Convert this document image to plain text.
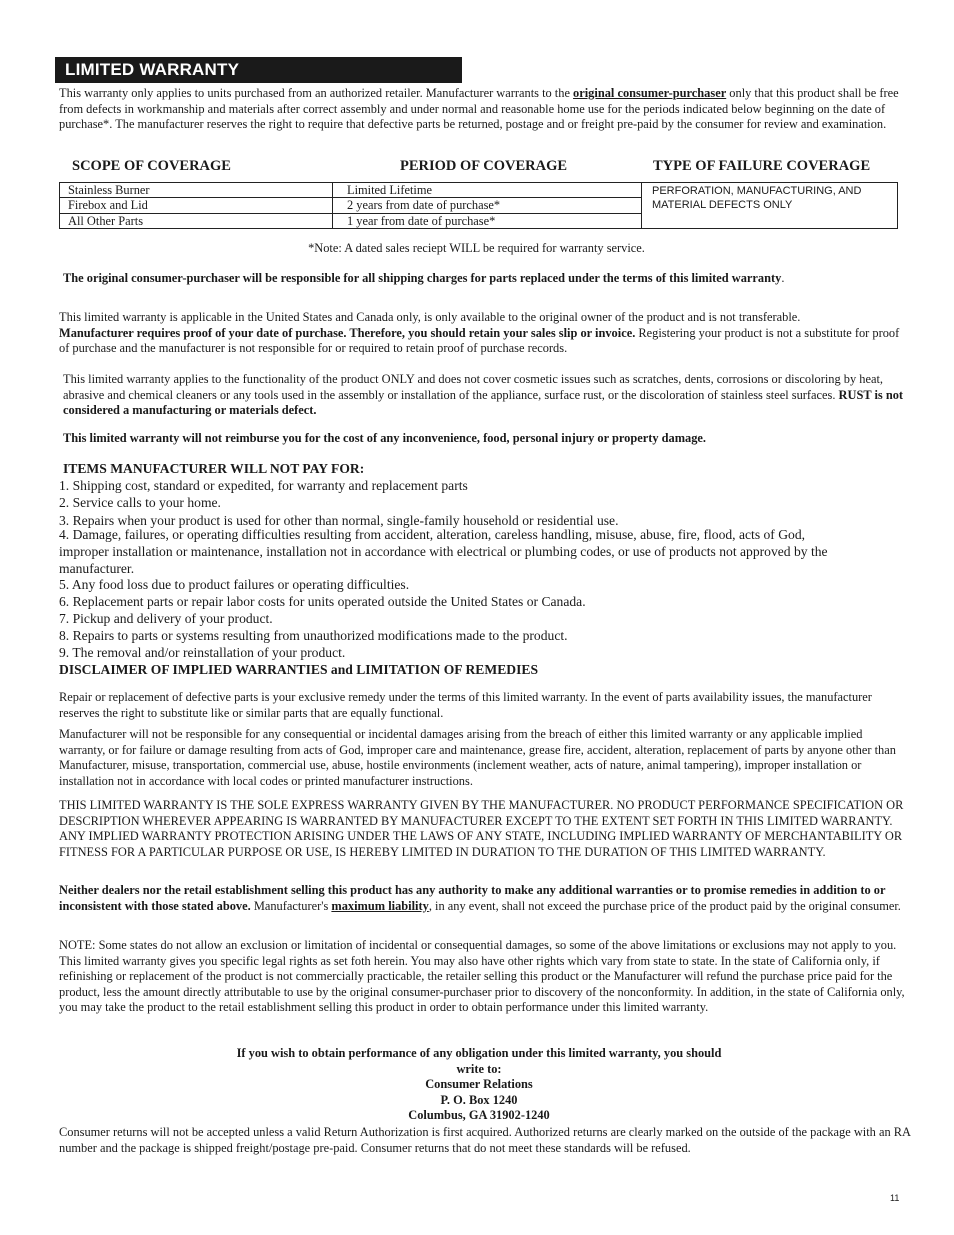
LIMITED WARRANTY

This warranty only applies to units purchased from an authorized retailer. Manufacturer warrants to the original consumer-purchaser only that this product shall be free from defects in workmanship and materials after correct assembly and under normal and reasonable home use for the periods indicated below beginning on the date of purchase*. The manufacturer reserves the right to require that defective parts be returned, postage and or freight pre-paid by the consumer for review and examination.

SCOPE OF COVERAGE	PERIOD OF COVERAGE	TYPE OF FAILURE COVERAGE
Stainless Burner	Limited Lifetime	PERFORATION, MANUFACTURING, AND MATERIAL DEFECTS ONLY
Firebox and Lid	2 years from date of purchase*	
All Other Parts	1 year from date of purchase*	

*Note: A dated sales reciept WILL be required for warranty service.

The original consumer-purchaser will be responsible for all shipping charges for parts replaced under the terms of this limited warranty.

This limited warranty is applicable in the United States and Canada only, is only available to the original owner of the product and is not transferable.
Manufacturer requires proof of your date of purchase. Therefore, you should retain your sales slip or invoice. Registering your product is not a substitute for proof of purchase and the manufacturer is not responsible for or required to retain proof of purchase records.

This limited warranty applies to the functionality of the product ONLY and does not cover cosmetic issues such as scratches, dents, corrosions or discoloring by heat, abrasive and chemical cleaners or any tools used in the assembly or installation of the appliance, surface rust, or the discoloration of stainless steel surfaces. RUST is not considered a manufacturing or materials defect.

This limited warranty will not reimburse you for the cost of any inconvenience, food, personal injury or property damage.

ITEMS MANUFACTURER WILL NOT PAY FOR:
1. Shipping cost, standard or expedited, for warranty and replacement parts
2. Service calls to your home.
3. Repairs when your product is used for other than normal, single-family household or residential use.
4. Damage, failures, or operating difficulties resulting from accident, alteration, careless handling, misuse, abuse, fire, flood, acts of God, improper installation or maintenance, installation not in accordance with electrical or plumbing codes, or use of products not approved by the manufacturer.
5. Any food loss due to product failures or operating difficulties.
6. Replacement parts or repair labor costs for units operated outside the United States or Canada.
7. Pickup and delivery of your product.
8. Repairs to parts or systems resulting from unauthorized modifications made to the product.
9. The removal and/or reinstallation of your product.
DISCLAIMER OF IMPLIED WARRANTIES and LIMITATION OF REMEDIES

Repair or replacement of defective parts is your exclusive remedy under the terms of this limited warranty. In the event of parts availability issues, the manufacturer reserves the right to substitute like or similar parts that are equally functional.

Manufacturer will not be responsible for any consequential or incidental damages arising from the breach of either this limited warranty or any applicable implied warranty, or for failure or damage resulting from acts of God, improper care and maintenance, grease fire, accident, alteration, replacement of parts by anyone other than Manufacturer, misuse, transportation, commercial use, abuse, hostile environments (inclement weather, acts of nature, animal tampering), improper installation or installation not in accordance with local codes or printed manufacturer instructions.

THIS LIMITED WARRANTY IS THE SOLE EXPRESS WARRANTY GIVEN BY THE MANUFACTURER. NO PRODUCT PERFORMANCE SPECIFICATION OR DESCRIPTION WHEREVER APPEARING IS WARRANTED BY MANUFACTURER EXCEPT TO THE EXTENT SET FORTH IN THIS LIMITED WARRANTY. ANY IMPLIED WARRANTY PROTECTION ARISING UNDER THE LAWS OF ANY STATE, INCLUDING IMPLIED WARRANTY OF MERCHANTABILITY OR FITNESS FOR A PARTICULAR PURPOSE OR USE, IS HEREBY LIMITED IN DURATION TO THE DURATION OF THIS LIMITED WARRANTY.

Neither dealers nor the retail establishment selling this product has any authority to make any additional warranties or to promise remedies in addition to or inconsistent with those stated above. Manufacturer's maximum liability, in any event, shall not exceed the purchase price of the product paid by the original consumer.

NOTE: Some states do not allow an exclusion or limitation of incidental or consequential damages, so some of the above limitations or exclusions may not apply to you. This limited warranty gives you specific legal rights as set foth herein. You may also have other rights which vary from state to state. In the state of California only, if refinishing or replacement of the product is not commercially practicable, the retailer selling this product or the Manufacturer will refund the purchase price paid for the product, less the amount directly attributable to use by the original consumer-purchaser prior to discovery of the nonconformity. In addition, in the state of California only, you may take the product to the retail establishment selling this product in order to obtain performance under this limited warranty.

If you wish to obtain performance of any obligation under this limited warranty, you should
write to:
Consumer Relations
P. O. Box 1240
Columbus, GA 31902-1240

Consumer returns will not be accepted unless a valid Return Authorization is first acquired. Authorized returns are clearly marked on the outside of the package with an RA number and the package is shipped freight/postage pre-paid. Consumer returns that do not meet these standards will be refused.

11
